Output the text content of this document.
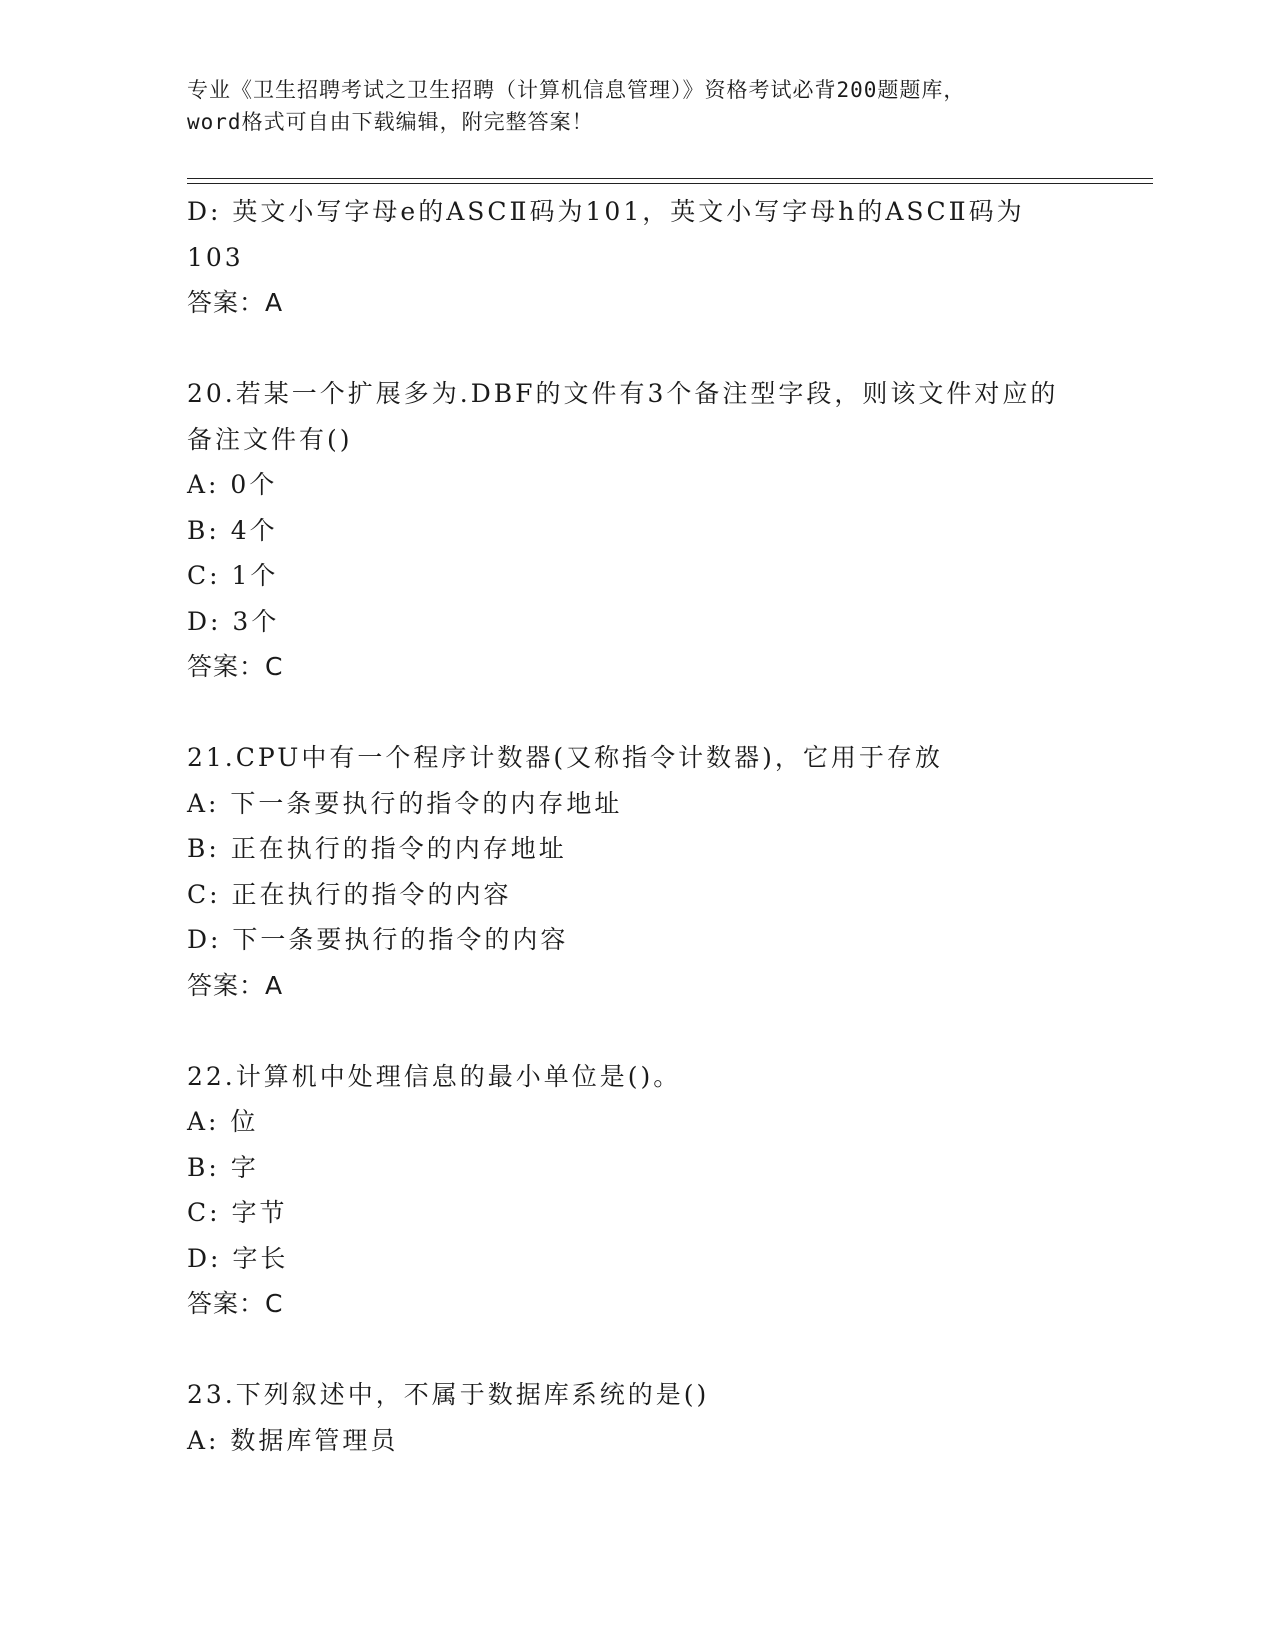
专业《卫生招聘考试之卫生招聘（计算机信息管理）》资格考试必背200题题库，
word格式可自由下载编辑，附完整答案！
D: 英文小写字母e的ASCⅡ码为101，英文小写字母h的ASCⅡ码为
103
答案：A
20.若某一个扩展多为.DBF的文件有3个备注型字段，则该文件对应的
备注文件有()
A: 0个
B: 4个
C: 1个
D: 3个
答案：C
21.CPU中有一个程序计数器(又称指令计数器)，它用于存放
A: 下一条要执行的指令的内存地址
B: 正在执行的指令的内存地址
C: 正在执行的指令的内容
D: 下一条要执行的指令的内容
答案：A
22.计算机中处理信息的最小单位是()。
A: 位
B: 字
C: 字节
D: 字长
答案：C
23.下列叙述中，不属于数据库系统的是()
A: 数据库管理员
